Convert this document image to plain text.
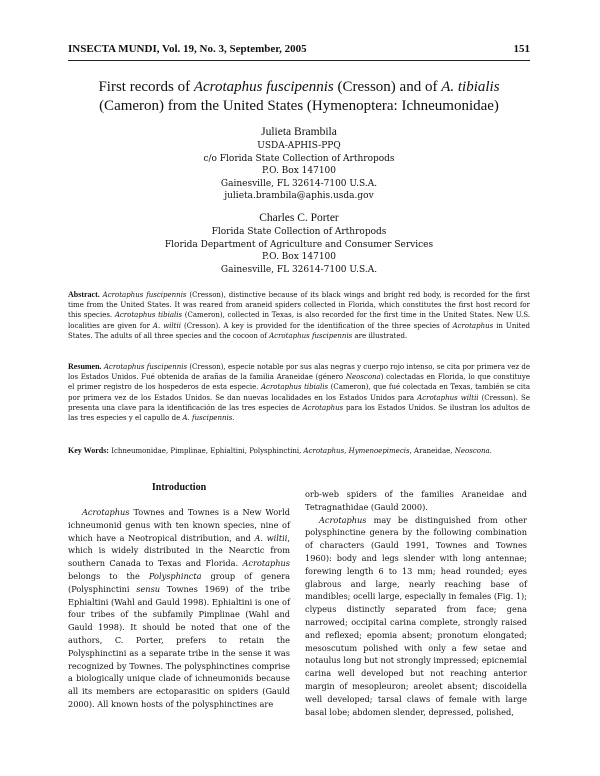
INSECTA MUNDI, Vol. 19, No. 3, September, 2005	151
First records of Acrotaphus fuscipennis (Cresson) and of A. tibialis
(Cameron) from the United States (Hymenoptera: Ichneumonidae)
Julieta Brambila
USDA-APHIS-PPQ
c/o Florida State Collection of Arthropods
P.O. Box 147100
Gainesville, FL 32614-7100 U.S.A.
julieta.brambila@aphis.usda.gov
Charles C. Porter
Florida State Collection of Arthropods
Florida Department of Agriculture and Consumer Services
P.O. Box 147100
Gainesville, FL 32614-7100 U.S.A.
Abstract. Acrotaphus fuscipennis (Cresson), distinctive because of its black wings and bright red body, is recorded for the first time from the United States. It was reared from araneid spiders collected in Florida, which constitutes the first host record for this species. Acrotaphus tibialis (Cameron), collected in Texas, is also recorded for the first time in the United States. New U.S. localities are given for A. wiltii (Cresson). A key is provided for the identification of the three species of Acrotaphus in United States. The adults of all three species and the cocoon of Acrotaphus fuscipennis are illustrated.
Resumen. Acrotaphus fuscipennis (Cresson), especie notable por sus alas negras y cuerpo rojo intenso, se cita por primera vez de los Estados Unidos. Fué obtenida de arañas de la familia Araneidae (género Neoscona) colectadas en Florida, lo que constituye el primer registro de los hospederos de esta especie. Acrotaphus tibialis (Cameron), que fué colectada en Texas, también se cita por primera vez de los Estados Unidos. Se dan nuevas localidades en los Estados Unidos para Acrotaphus wiltii (Cresson). Se presenta una clave para la identificación de las tres especies de Acrotaphus para los Estados Unidos. Se ilustran los adultos de las tres especies y el capullo de A. fuscipennis.
Key Words: Ichneumonidae, Pimplinae, Ephialtini, Polysphinctini, Acrotaphus, Hymenoepimecis, Araneidae, Neoscona.
Introduction

Acrotaphus Townes and Townes is a New World ichneumonid genus with ten known species, nine of which have a Neotropical distribution, and A. wiltii, which is widely distributed in the Nearctic from southern Canada to Texas and Florida. Acrotaphus belongs to the Polysphincta group of genera (Polysphinctini sensu Townes 1969) of the tribe Ephialtini (Wahl and Gauld 1998). Ephialtini is one of four tribes of the subfamily Pimplinae (Wahl and Gauld 1998). It should be noted that one of the authors, C. Porter, prefers to retain the Polysphinctini as a separate tribe in the sense it was recognized by Townes. The polysphinctines comprise a biologically unique clade of ichneumonids because all its members are ectoparasitic on spiders (Gauld 2000). All known hosts of the polysphinctines are

orb-web spiders of the families Araneidae and Tetragnathidae (Gauld 2000).

Acrotaphus may be distinguished from other polysphinctine genera by the following combination of characters (Gauld 1991, Townes and Townes 1960): body and legs slender with long antennae; forewing length 6 to 13 mm; head rounded; eyes glabrous and large, nearly reaching base of mandibles; ocelli large, especially in females (Fig. 1); clypeus distinctly separated from face; gena narrowed; occipital carina complete, strongly raised and reflexed; epomia absent; pronotum elongated; mesoscutum polished with only a few setae and notaulus long but not strongly impressed; epicnemial carina well developed but not reaching anterior margin of mesopleuron; areolet absent; discoidella well developed; tarsal claws of female with large basal lobe; abdomen slender, depressed, polished,
